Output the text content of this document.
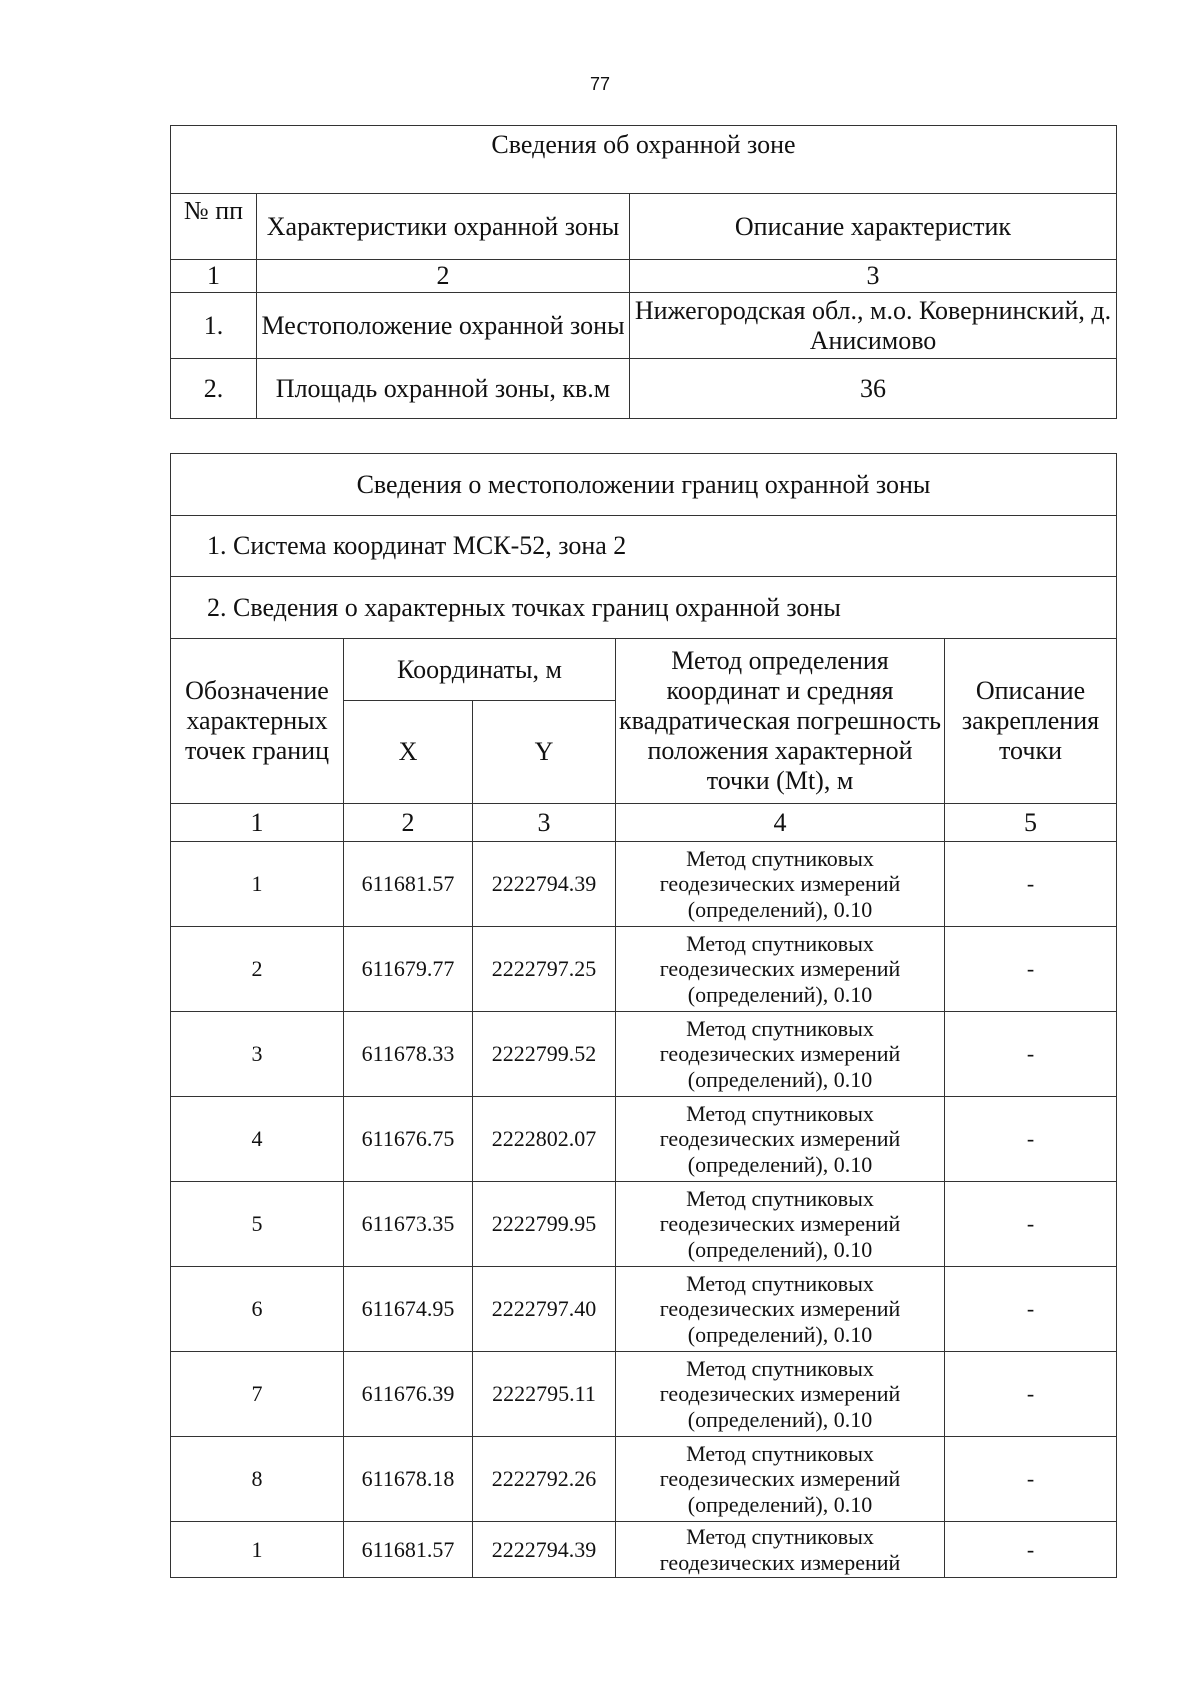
77
Сведения об охранной зоне		
№ пп	Характеристики охранной зоны	Описание характеристик
1	2	3
1.	Местоположение охранной зоны	Нижегородская обл., м.о. Ковернинский, д. Анисимово
2.	Площадь охранной зоны, кв.м	36
Сведения о местоположении границ охранной зоны				
1. Система координат МСК-52, зона 2				
2. Сведения о характерных точках границ охранной зоны				
Обозначение характерных точек границ	Координаты, м		Метод определения координат и средняя квадратическая погрешность положения характерной точки (Mt), м	Описание закрепления точки
	X	Y		
1	2	3	4	5
1	611681.57	2222794.39	Метод спутниковых геодезических измерений (определений), 0.10	-
2	611679.77	2222797.25	Метод спутниковых геодезических измерений (определений), 0.10	-
3	611678.33	2222799.52	Метод спутниковых геодезических измерений (определений), 0.10	-
4	611676.75	2222802.07	Метод спутниковых геодезических измерений (определений), 0.10	-
5	611673.35	2222799.95	Метод спутниковых геодезических измерений (определений), 0.10	-
6	611674.95	2222797.40	Метод спутниковых геодезических измерений (определений), 0.10	-
7	611676.39	2222795.11	Метод спутниковых геодезических измерений (определений), 0.10	-
8	611678.18	2222792.26	Метод спутниковых геодезических измерений (определений), 0.10	-
1	611681.57	2222794.39	Метод спутниковых геодезических измерений	-
